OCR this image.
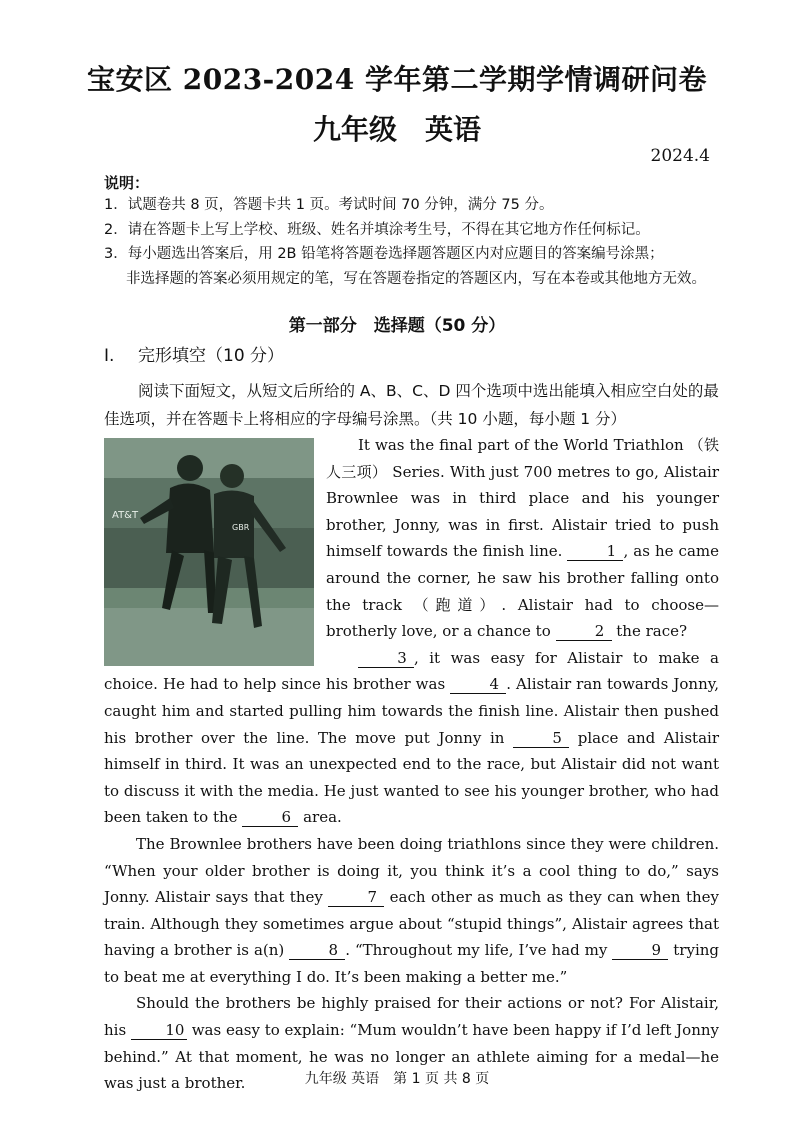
宝安区 2023-2024 学年第二学期学情调研问卷
九年级　英语
2024.4
说明：

1．试题卷共 8 页，答题卡共 1 页。考试时间 70 分钟，满分 75 分。

2．请在答题卡上写上学校、班级、姓名并填涂考生号，不得在其它地方作任何标记。

3．每小题选出答案后，用 2B 铅笔将答题卷选择题答题区内对应题目的答案编号涂黑；

非选择题的答案必须用规定的笔，写在答题卷指定的答题区内，写在本卷或其他地方无效。

第一部分　选择题（50 分）
I. 完形填空（10 分）
阅读下面短文，从短文后所给的 A、B、C、D 四个选项中选出能填入相应空白处的最佳选项，并在答题卡上将相应的字母编号涂黑。（共 10 小题，每小题 1 分）
AT&T
GBR

It was the final part of the World Triathlon （铁人三项） Series. With just 700 metres to go, Alistair Brownlee was in third place and his younger brother, Jonny, was in first. Alistair tried to push himself towards the finish line.	1 , as he came around the corner, he saw his brother falling onto the track （跑道）. Alistair had to choose—brotherly love, or a chance to	2 the race?

3 , it was easy for Alistair to make a choice. He had to help since his brother was	4 . Alistair ran towards Jonny, caught him and started pulling him towards the finish line. Alistair then pushed his brother over the line. The move put Jonny in	5 place and Alistair himself in third. It was an unexpected end to the race, but Alistair did not want to discuss it with the media. He just wanted to see his younger brother, who had been taken to the	6 area.

The Brownlee brothers have been doing triathlons since they were children. “When your older brother is doing it, you think it’s a cool thing to do,” says Jonny. Alistair says that they	7 each other as much as they can when they train. Although they sometimes argue about “stupid things”, Alistair agrees that having a brother is a(n)	8 . “Throughout my life, I’ve had my	9 trying to beat me at everything I do. It’s been making a better me.”

Should the brothers be highly praised for their actions or not? For Alistair, his 10 was easy to explain: “Mum wouldn’t have been happy if I’d left Jonny behind.” At that moment, he was no longer an athlete aiming for a medal—he was just a brother.	九年级 英语　第 1 页 共 8 页
